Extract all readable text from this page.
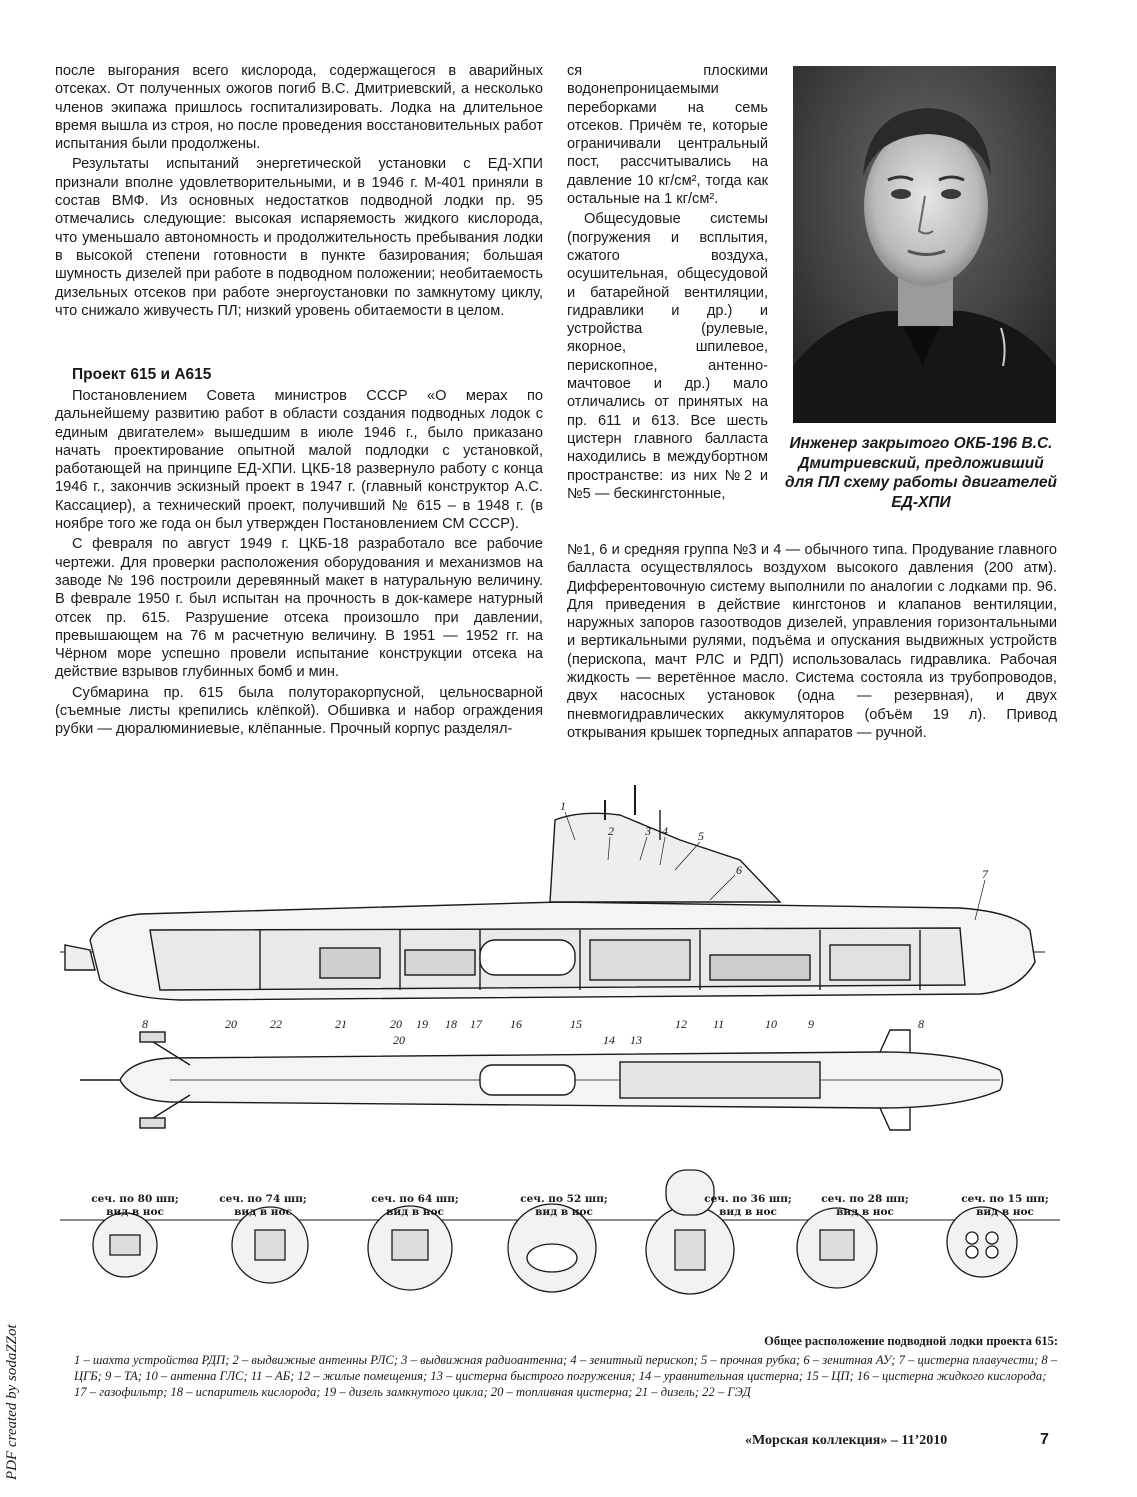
после выгорания всего кислорода, содержащегося в аварийных отсеках. От полученных ожогов погиб В.С. Дмитриевский, а несколько членов экипажа пришлось госпитализировать. Лодка на длительное время вышла из строя, но после проведения восстановительных работ испытания были продолжены.

Результаты испытаний энергетической установки с ЕД-ХПИ признали вполне удовлетворительными, и в 1946 г. М-401 приняли в состав ВМФ. Из основных недостатков подводной лодки пр. 95 отмечались следующие: высокая испаряемость жидкого кислорода, что уменьшало автономность и продолжительность пребывания лодки в высокой степени готовности в пункте базирования; большая шумность дизелей при работе в подводном положении; необитаемость дизельных отсеков при работе энергоустановки по замкнутому циклу, что снижало живучесть ПЛ; низкий уровень обитаемости в целом.

Проект 615 и А615

Постановлением Совета министров СССР «О мерах по дальнейшему развитию работ в области создания подводных лодок с единым двигателем» вышедшим в июле 1946 г., было приказано начать проектирование опытной малой подлодки с установкой, работающей на принципе ЕД-ХПИ. ЦКБ-18 развернуло работу с конца 1946 г., закончив эскизный проект в 1947 г. (главный конструктор А.С. Кассациер), а технический проект, получивший № 615 – в 1948 г. (в ноябре того же года он был утвержден Постановлением СМ СССР).

С февраля по август 1949 г. ЦКБ-18 разработало все рабочие чертежи. Для проверки расположения оборудования и механизмов на заводе № 196 построили деревянный макет в натуральную величину. В феврале 1950 г. был испытан на прочность в док-камере натурный отсек пр. 615. Разрушение отсека произошло при давлении, превышающем на 76 м расчетную величину. В 1951 — 1952 гг. на Чёрном море успешно провели испытание конструкции отсека на действие взрывов глубинных бомб и мин.

Субмарина пр. 615 была полуторакорпусной, цельносварной (съемные листы крепились клёпкой). Обшивка и набор ограждения рубки — дюралюминиевые, клёпанные. Прочный корпус разделял-

ся плоскими водонепроницаемыми переборками на семь отсеков. Причём те, которые ограничивали центральный пост, рассчитывались на давление 10 кг/см², тогда как остальные на 1 кг/см².

Общесудовые системы (погружения и всплытия, сжатого воздуха, осушительная, общесудовой и батарейной вентиляции, гидравлики и др.) и устройства (рулевые, якорное, шпилевое, перископное, антенно-мачтовое и др.) мало отличались от принятых на пр. 611 и 613. Все шесть цистерн главного балласта находились в междубортном пространстве: из них №2 и №5 — бескингстонные,

№1, 6 и средняя группа №3 и 4 — обычного типа. Продувание главного балласта осуществлялось воздухом высокого давления (200 атм). Дифферентовочную систему выполнили по аналогии с лодками пр. 96. Для приведения в действие кингстонов и клапанов вентиляции, наружных запоров газоотводов дизелей, управления горизонтальными и вертикальными рулями, подъёма и опускания выдвижных устройств (перископа, мачт РЛС и РДП) использовалась гидравлика. Рабочая жидкость — веретённое масло. Система состояла из трубопроводов, двух насосных установок (одна — резервная), и двух пневмогидравлических аккумуляторов (объём 19 л). Привод открывания крышек торпедных аппаратов — ручной.

Инженер закрытого ОКБ-196 В.С. Дмитриевский, предложивший для ПЛ схему работы двигателей ЕД-ХПИ
1
2	3 4	5
6	7
8	20	22	21	20 19 18 17 16	15	12 11	10	9	8
20	14 13
сеч. по 80 шп;
вид в нос
сеч. по 74 шп;
вид в нос
сеч. по 64 шп;
вид в нос
сеч. по 52 шп;
вид в нос
сеч. по 36 шп;
вид в нос
сеч. по 28 шп;
вид в нос
сеч. по 15 шп;
вид в нос
Общее расположение подводной лодки проекта 615:
1 – шахта устройства РДП; 2 – выдвижные антенны РЛС; 3 – выдвижная радиоантенна; 4 – зенитный перископ; 5 – прочная рубка; 6 – зенитная АУ; 7 – цистерна плавучести; 8 – ЦГБ; 9 – ТА; 10 – антенна ГЛС; 11 – АБ; 12 – жилые помещения; 13 – цистерна быстрого погружения; 14 – уравнительная цистерна; 15 – ЦП; 16 – цистерна жидкого кислорода; 17 – газофильтр; 18 – испаритель кислорода; 19 – дизель замкнутого цикла; 20 – топливная цистерна; 21 – дизель; 22 – ГЭД
PDF created by sodaZZot	«Морская коллекция» – 11’2010	7
